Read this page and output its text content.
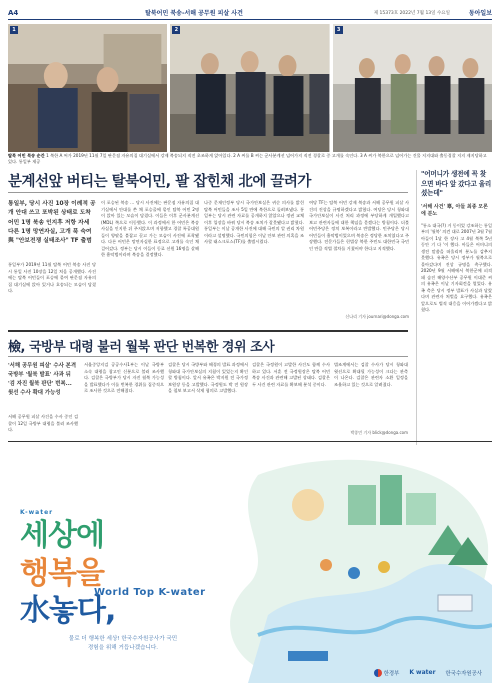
A4	탈북어민 북송-서해 공무원 피살 사건	제 15373호 2022년 7월 13일 수요일	동아일보
1	2	3
탈북 어민 북송 순간 1 북한 A 씨가 2019년 11월 7일 판문점 자유의집 대기실에서 강제 북송되지 직전 초조하게 앉아있다. 2 A 씨를 B 씨는 군사분계선 넘어가지 직전 경찰로 중 고개를 숙인다. 3 A 씨가 북한으로 넘어가는 건물 저지대와 출동경찰 저지 제지당하고 있다. 통일부 제공
분계선앞 버티는 탈북어민, 팔 잡힌채 北에 끌려가
통일부, 당시 사진 10장 이례적 공개 안대 쓰고 포박된 상태로 도착 어민 1명 북송 인지후 저항 자세 다른 1명 망연자실, 고개 푹 숙여 與 "안보전쟁 실태조사" TF 출범
통일부가 2019년 11월 탈북 어민 북송 사진 당시 통일 사진 10장을 12일 처음 공개했다. 사진에는 탈북 어민들이 포승에 묶여 판문점 자유의집 대기실에 앉아 있거나 호송되는 모습이 담겼다.
이 포승된 북송 ... 당시 사진에는 판문점 자유의집 대기실에서 안대를 쓴 채 포승줄에 묶인 탈북 어민 2명이 앉아 있는 모습이 담겼다. 이들은 이후 군사분계선(MDL) 쪽으로 이동했다. 이 과정에서 한 어민은 북송 사실을 인지한 뒤 주저앉으며 저항했고 경찰 특공대원들이 양팔을 붙잡고 끌고 가는 모습이 사진에 포착됐다. 다른 어민은 망연자실한 표정으로 고개를 숙인 채 걸어갔다. 정부는 당시 이들이 동료 선원 16명을 살해한 흉악범이라며 북송을 결정했다.
나중 문재인정부 당시 국가안보실은 귀순 의사를 밝힌 탈북 어민들을 조사 5일 만에 북한으로 돌려보냈다. 통일부는 당시 관련 자료를 공개하지 않았으나 정권 교체 이후 입장을 바꿔 당시 북송 조치가 잘못됐다고 밝혔다. 통일부는 이날 공개한 사진에 대해 국민의 알 권리 차원이라고 설명했다. 국민의힘은 이날 안보 관련 의혹을 조사할 태스크포스(TF)를 출범시켰다.
여당 TF는 탈북 어민 강제 북송과 서해 공무원 피살 사건의 진상을 규명하겠다고 밝혔다. 여당은 당시 청와대 국가안보실이 사건 처리 과정에 부당하게 개입했다고 보고 관련자들에 대한 책임을 묻겠다는 방침이다. 더불어민주당은 정치 보복이라고 반발했다. 민주당은 당시 어민들이 흉악범이었으며 북송은 정당한 조치였다고 주장했다. 전문가들은 헌법상 북한 주민도 대한민국 국민인 만큼 적법 절차를 거쳤어야 한다고 지적했다.
신나리 기자 journari@donga.com
"어머니가 생전에 꼭 찾으면 바다 앞 갔다고 울리셨는데"
'서해 사건' 辜, 아들 최종 모론에 분노
"통소 대국(?) 거 동이었 강조하는 통일부의 '월북' 의견 대로 2007년 3월 7월 아들이 1달 한 장사 고 4월 북쪽 5년 동안 기 다 '이 했다. 아들은 어머니의 생전 말씀을 떠올리며 분노를 감추지 못했다. 유족은 당시 정부가 월북으로 몰아갔다며 진상 규명을 촉구했다. 2020년 9월 서해에서 북한군에 피격돼 숨진 해양수산부 공무원 이대준 씨의 유족은 이날 기자회견을 열었다. 유족 측은 당시 정부 발표가 사실과 달랐다며 관련자 처벌을 요구했다. 유족은 앞으로도 법적 대응을 이어가겠다고 밝혔다.
檢, 국방부 대령 불러 월북 판단 번복한 경위 조사
'서해 공무원 피살' 수사 본격 국방부 '월북 발표' 사과 뒤 '검 자진 월북 판단' 번복... 윗선 수사 확대 가능성
서해 공무원 피살 사건을 수사 중인 검찰이 12일 국방부 대령을 불러 조사했다.
서울중앙지검 공공수사1부는 이날 국방부 소속 대령을 참고인 신분으로 불러 조사했다. 검찰은 국방부가 당시 자진 월북 가능성을 발표했다가 이를 번복한 경위를 집중적으로 조사한 것으로 전해졌다.
검찰은 당시 국방부와 해경의 발표 과정에서 청와대 국가안보실의 지침이 있었는지 확인할 방침이다. 앞서 유족은 박지원 전 국가정보원장 등을 고발했다. 국정원도 박 전 원장을 첩보 보고서 삭제 혐의로 고발했다.
검찰은 국정원이 고발한 사건도 함께 수사하고 있다. 서훈 전 국정원장은 탈북 어민 북송 사건과 관련해 고발된 상태다. 검찰은 두 사건 관련 자료를 확보해 분석 중이다.
법조계에서는 검찰 수사가 당시 청와대 윗선으로 확대될 가능성이 크다는 관측이 나온다. 검찰은 관련자 소환 일정을 조율하고 있는 것으로 알려졌다.
박종민 기자 blick@donga.com
K-water
세상에
행복을
水놓다,
World Top K-water
물로 더 행복한 세상! 한국수자원공사가 국민경험을 위해 거듭나겠습니다.
한경부 K water 한국수자원공사
